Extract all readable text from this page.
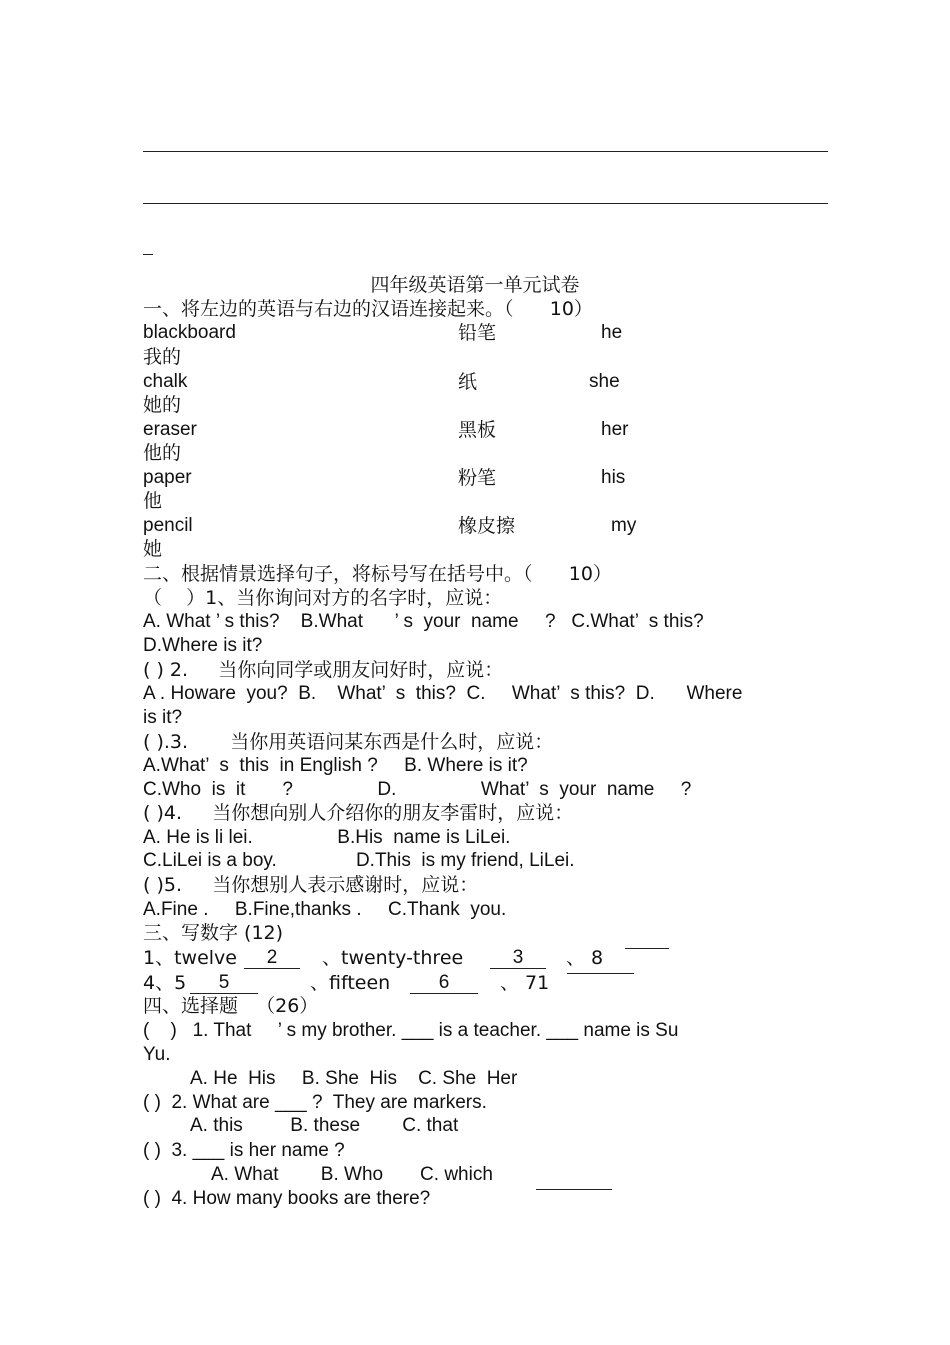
四年级英语第一单元试卷
一、将左边的英语与右边的汉语连接起来。（      10）
blackboard	铅笔	he
我的
chalk	纸	she
她的
eraser	黑板	her
他的
paper	粉笔	his
他
pencil	橡皮擦	my
她
二、根据情景选择句子，将标号写在括号中。（      10）
（    ）1、当你询问对方的名字时，应说：
A. What ’ s this?    B.What      ’ s  your  name     ?   C.What’  s this?
D.Where is it?
( ) 2.     当你向同学或朋友问好时，应说：
A . Howare  you?  B.    What’  s  this?  C.     What’  s this?  D.      Where
is it?
( ).3.       当你用英语问某东西是什么时，应说：
A.What’  s  this  in English ?     B. Where is it?
C.Who  is  it       ?                D.                What’  s  your  name     ?
( )4.     当你想向别人介绍你的朋友李雷时，应说：
A. He is li lei.                B.His  name is LiLei.
C.LiLei is a boy.               D.This  is my friend, LiLei.
( )5.     当你想别人表示感谢时，应说：
A.Fine .     B.Fine,thanks .     C.Thank  you.
三、写数字 (12)
1、twelve	2	、twenty-three	3	、 8
4、5	5	、fifteen	6	、 71
四、选择题   （26）
(    )   1. That     ’ s my brother. ___ is a teacher. ___ name is Su
Yu.
A. He  His     B. She  His    C. She  Her
( )  2. What are ___ ?  They are markers.
A. this         B. these        C. that
( )  3. ___ is her name ?
A. What        B. Who       C. which
( )  4. How many books are there?
